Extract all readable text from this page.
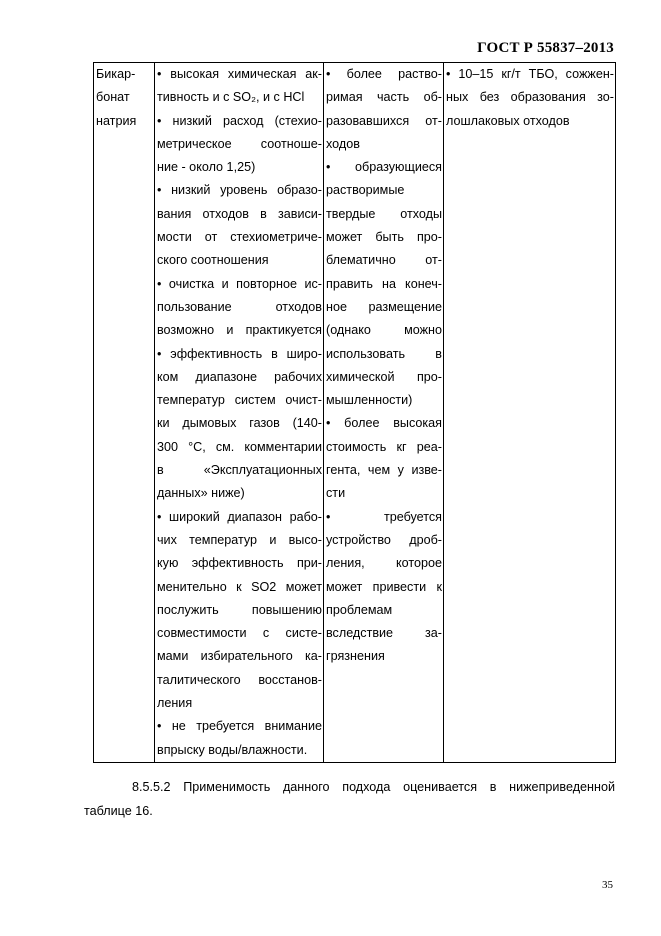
ГОСТ Р 55837–2013
Бикар-
бонат
натрия

• высокая химическая ак-
тивность и с SO₂, и с HCl
• низкий расход (стехио-
метрическое соотноше-
ние - около 1,25)
• низкий уровень образо-
вания отходов в зависи-
мости от стехиометриче-
ского соотношения
• очистка и повторное ис-
пользование отходов
возможно и практикуется
• эффективность в широ-
ком диапазоне рабочих
температур систем очист-
ки дымовых газов (140-
300 °С, см. комментарии
в «Эксплуатационных
данных» ниже)
• широкий диапазон рабо-
чих температур и высо-
кую эффективность при-
менительно к SO2 может
послужить повышению
совместимости с систе-
мами избирательного ка-
талитического восстанов-
ления
• не требуется внимание
впрыску воды/влажности.

• более раство-
римая часть об-
разовавшихся от-
ходов
• образующиеся
растворимые
твердые отходы
может быть про-
блематично от-
править на конеч-
ное размещение
(однако можно
использовать в
химической про-
мышленности)
• более высокая
стоимость кг реа-
гента, чем у изве-
сти
• требуется
устройство дроб-
ления, которое
может привести к
проблемам
вследствие за-
грязнения

• 10–15 кг/т ТБО, сожжен-
ных без образования зо-
лошлаковых отходов
8.5.5.2 Применимость данного подхода оценивается в нижеприведенной
таблице 16.
35
